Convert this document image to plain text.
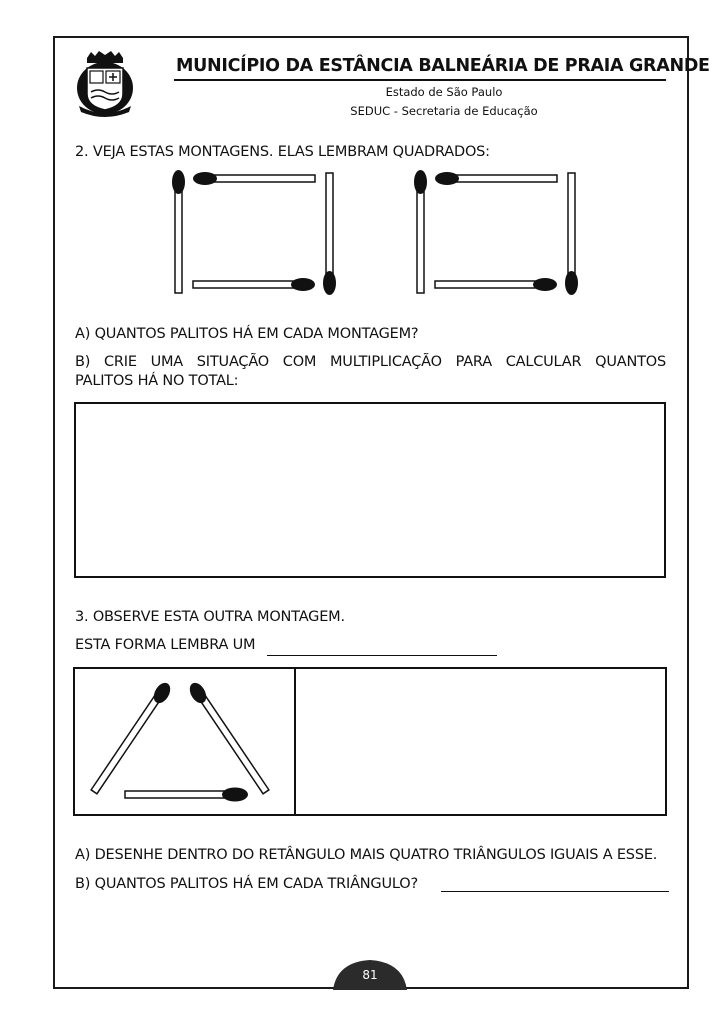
MUNICÍPIO DA ESTÂNCIA BALNEÁRIA DE PRAIA GRANDE
Estado de São Paulo
SEDUC - Secretaria de Educação
2. VEJA ESTAS MONTAGENS. ELAS LEMBRAM QUADRADOS:
A) QUANTOS PALITOS HÁ EM CADA MONTAGEM?
B) CRIE UMA SITUAÇÃO COM MULTIPLICAÇÃO PARA CALCULAR QUANTOS
PALITOS HÁ NO TOTAL:
3. OBSERVE ESTA OUTRA MONTAGEM.
ESTA FORMA LEMBRA UM
A) DESENHE DENTRO DO RETÂNGULO MAIS QUATRO TRIÂNGULOS IGUAIS A ESSE.
B) QUANTOS PALITOS HÁ EM CADA TRIÂNGULO?
81
